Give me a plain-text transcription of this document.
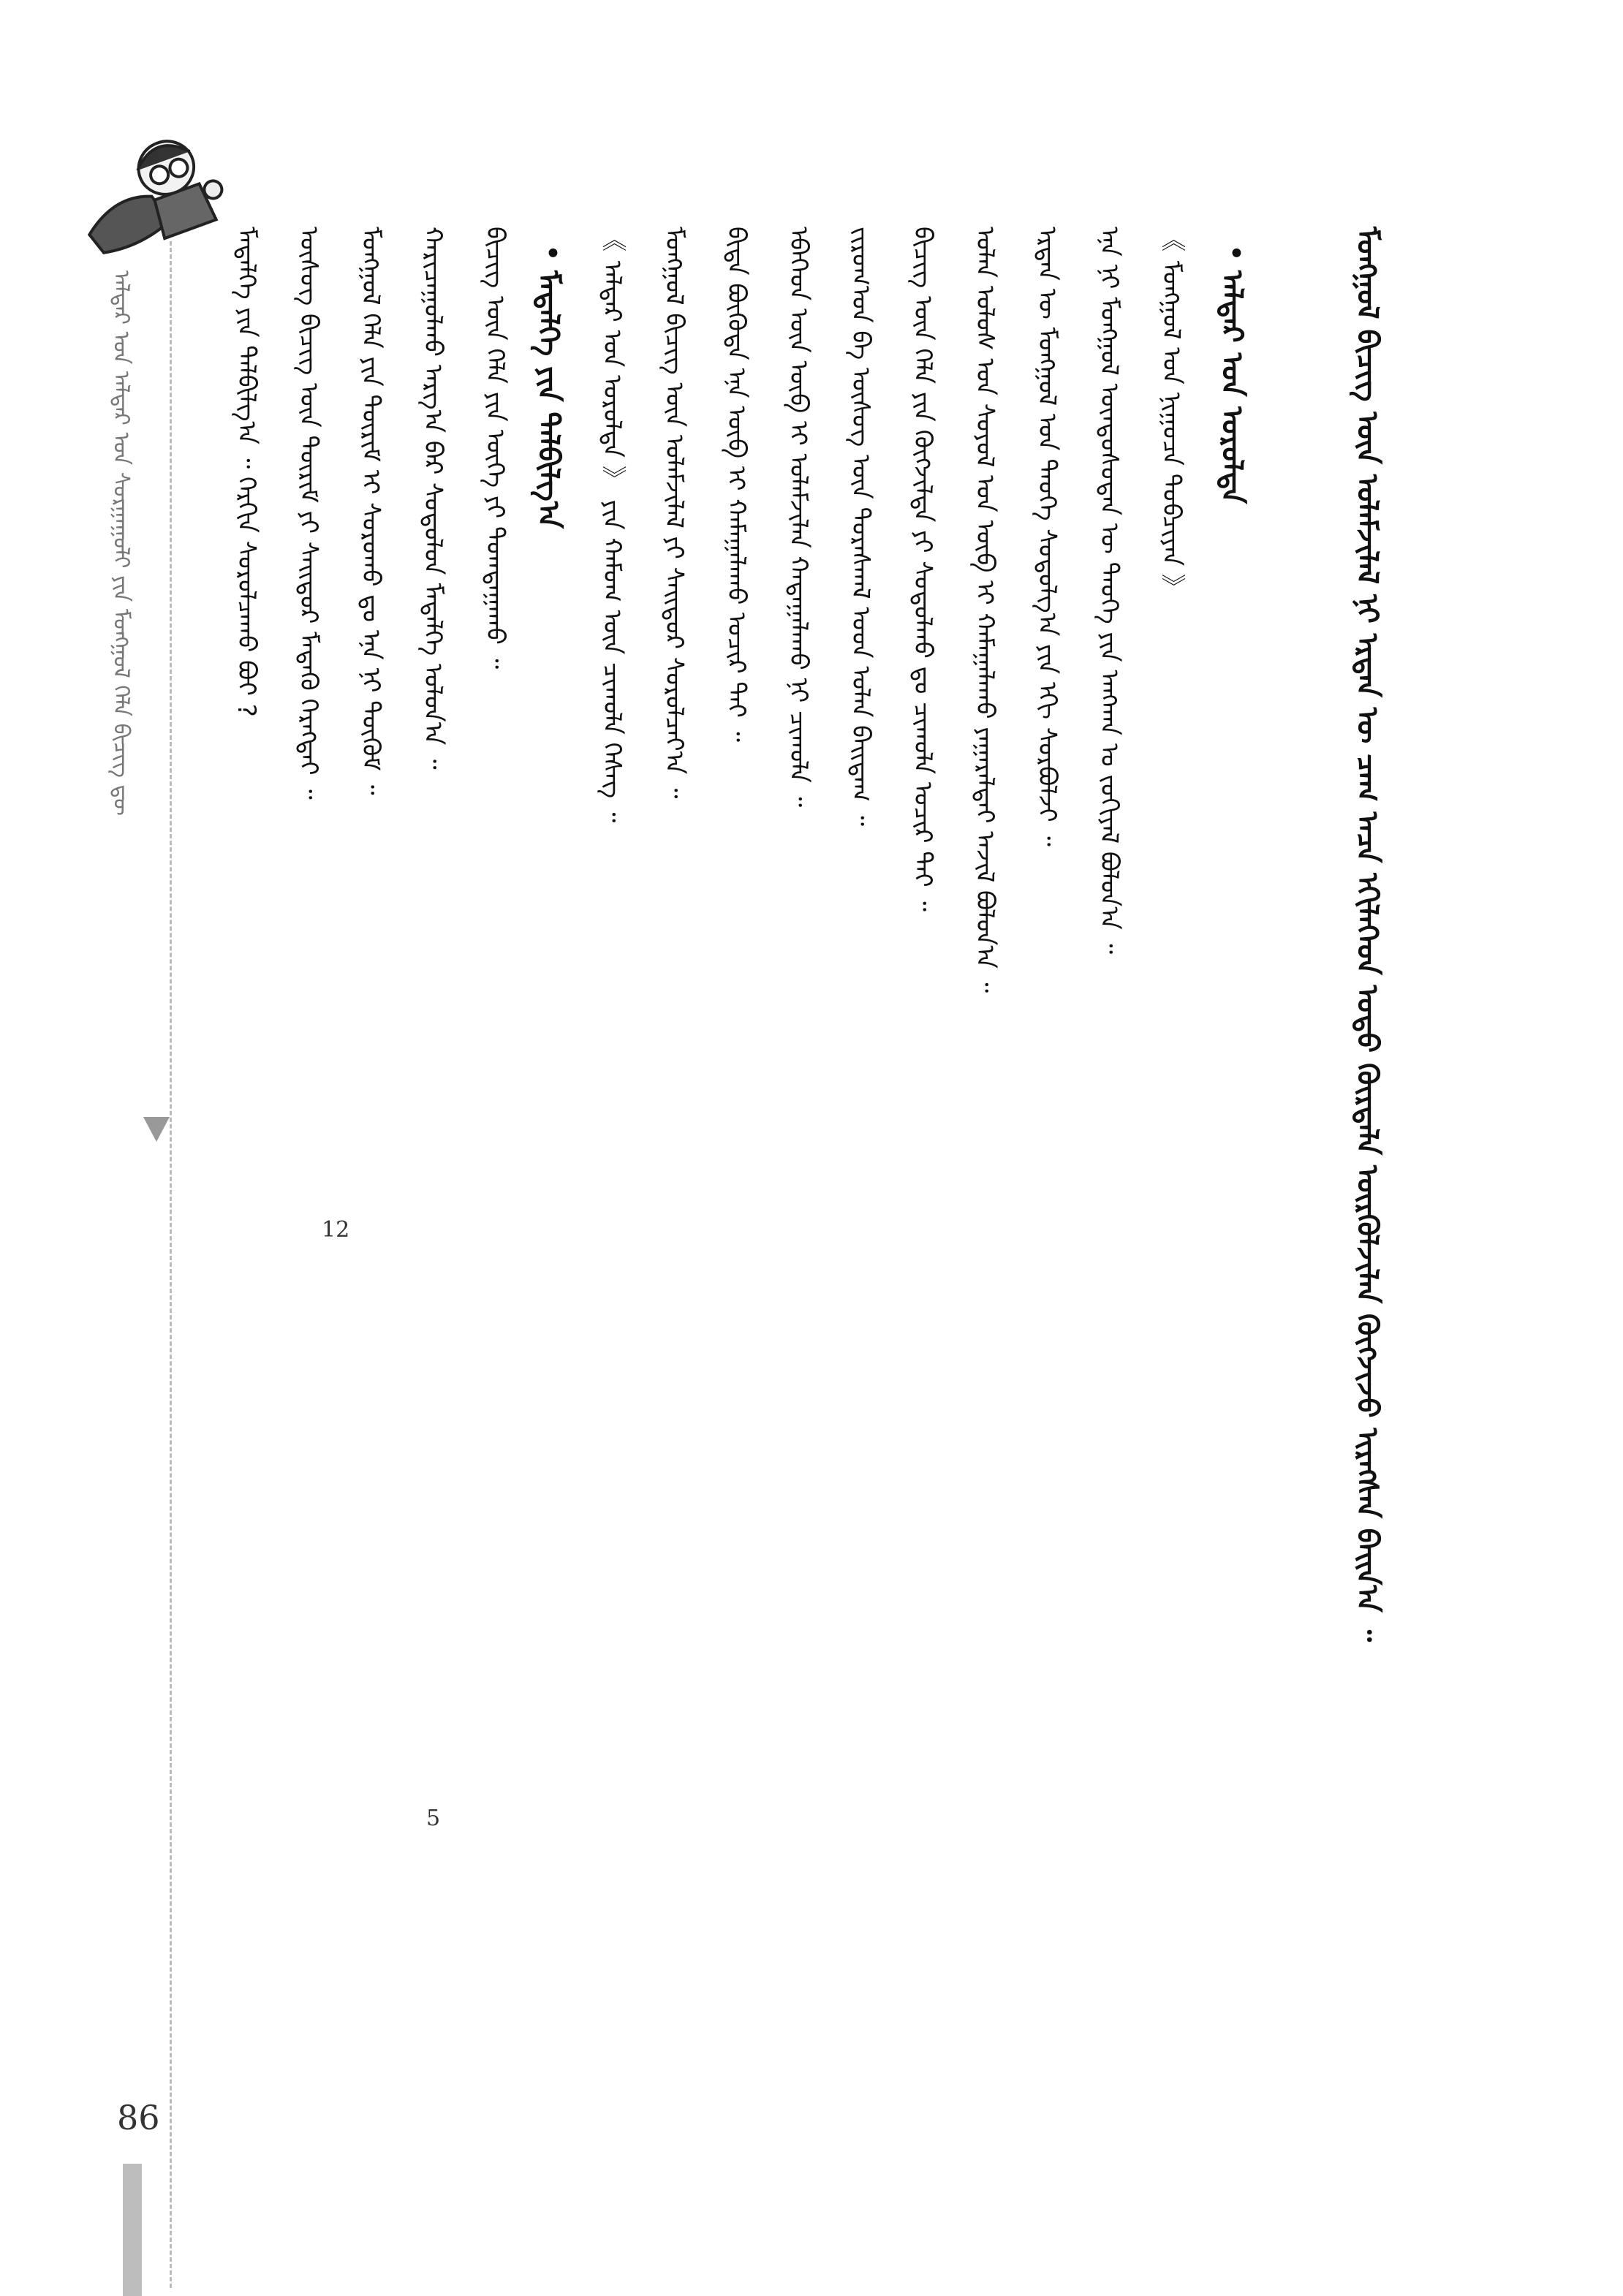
ᠠᠯᠳᠠᠷ ᠤᠨ ᠠᠯᠳᠠᠷ ᠤᠨ ᠰᠤᠷᠭᠠᠭᠤᠯᠢ ᠶᠢᠨ ᠮᠣᠩᠭᠣᠯ ᠬᠡᠯᠡ ᠪᠢᠴᠢᠭ ᠳᠦ	ᠮᠡᠳᠡᠯᠭᠡ ᠶᠢᠨ ᠲᠠᠯᠪᠢᠯᠭ᠎ᠠ ᠃ ᠬᠡᠷᠬᠢᠨ ᠰᠤᠷᠤᠯᠴᠠᠬᠤ ᠪᠤᠢ ? ᠦᠰᠦᠭ ᠪᠢᠴᠢᠭ ᠦᠨ ᠳᠦᠷᠢᠮ ᠶᠢ ᠰᠠᠢᠲᠤᠷ ᠮᠡᠳᠡᠬᠦ ᠬᠡᠷᠡᠭᠲᠡᠢ ᠃ ᠮᠣᠩᠭᠣᠯ ᠬᠡᠯᠡ ᠶᠢᠨ ᠳᠦᠷᠢᠮ ᠢ ᠰᠤᠷᠤᠬᠤ ᠳᠤ ᠡᠨᠡ ᠨᠢ ᠳᠥᠭᠥᠮ ᠃ ᠬᠠᠷᠢᠴᠠᠭᠤᠯᠬᠤ ᠠᠷᠭ᠎ᠠ ᠪᠠᠷ ᠰᠤᠳᠤᠯᠤᠨ ᠮᠡᠳᠡᠯᠭᠡ ᠣᠯᠤᠨ᠎ᠠ ᠃ ᠪᠢᠴᠢᠭ᠌ ᠦᠨ ᠬᠡᠯᠡ ᠶᠢᠨ ᠦᠭᠡ ᠶᠢ ᠲᠣᠭᠲᠠᠭᠠᠬᠤ ᠃
5
12
•
ᠮᠡᠳᠡᠯᠭᠡ ᠶᠢᠨ ᠲᠠᠯᠪᠢᠯᠭ᠎ᠠ 《 ᠠᠯᠳᠠᠷ ᠤᠨ ᠤᠷᠤᠯᠲᠠ 》 ᠶᠢᠨ ᠬᠠᠮᠤᠭ ᠦᠨ ᠴᠢᠬᠤᠯᠠ ᠬᠡᠰᠡᠭ ᠃ ᠮᠣᠩᠭᠣᠯ ᠪᠢᠴᠢᠭ ᠦᠨ ᠤᠯᠠᠮᠵᠢᠯᠠᠯ ᠶᠢ ᠰᠠᠢᠲᠤᠷ ᠰᠤᠷᠤᠯᠴᠠᠶ᠎ᠠ ᠃ ᠪᠢᠳᠡ ᠪᠦᠭᠦᠳᠡ ᠡᠨᠡ ᠦᠪ ᠢ ᠬᠠᠮᠠᠭᠠᠯᠠᠬᠤ ᠤᠴᠢᠷ ᠲᠠᠢ ᠃ ᠡᠪᠡᠭᠡᠳ ᠦᠨ ᠥᠪ ᠢ ᠤᠯᠠᠮᠵᠢᠯᠠᠨ ᠬᠠᠳᠠᠭᠠᠯᠠᠬᠤ ᠨᠢ ᠴᠢᠬᠤᠯᠠ ᠃ ᠵᠢᠷᠤᠭ᠎ᠤᠨ ᠪᠠ ᠦᠰᠦᠭ ᠦᠨ ᠳᠤᠷᠠᠰᠬᠠᠯ ᠤᠳ ᠣᠯᠠᠨ ᠪᠠᠢᠳᠠᠭ ᠃ ᠪᠢᠴᠢᠭ᠌ ᠦᠨ ᠬᠡᠯᠡ ᠶᠢᠨ ᠬᠥᠭᠵᠢᠯᠲᠡ ᠶᠢ ᠰᠤᠳᠤᠯᠬᠤ ᠳᠤ ᠴᠢᠬᠤᠯᠠ ᠤᠴᠢᠷ ᠲᠠᠢ ᠃ ᠣᠯᠠᠨ ᠤᠯᠤᠰ ᠤᠨ ᠰᠣᠶᠣᠯ ᠤᠨ ᠥᠪ ᠢ ᠬᠠᠮᠠᠭᠠᠯᠠᠬᠤ ᠶᠠᠭᠠᠷᠠᠯᠲᠠᠢ ᠠᠵᠢᠯ ᠪᠣᠯᠤᠨ᠎ᠠ ᠃ ᠡᠷᠲᠡᠨ ᠦ ᠮᠣᠩᠭᠣᠯ ᠤᠨ ᠲᠡᠦᠬᠡ ᠰᠤᠳᠤᠯᠭ᠎ᠠ ᠶᠢᠨ ᠡᠬᠢ ᠰᠤᠷᠪᠤᠯᠵᠢ ᠃ ᠡᠨᠡ ᠨᠢ ᠮᠣᠩᠭᠣᠯ ᠦᠨᠳᠦᠰᠦᠲᠡᠨ ᠦ ᠲᠡᠦᠬᠡ ᠶᠢᠨ ᠠᠩᠬᠠᠨ ᠤ ᠵᠣᠬᠢᠶᠠᠯ ᠪᠣᠯᠤᠨ᠎ᠠ ᠃ 《 ᠮᠣᠩᠭᠣᠯ ᠤᠨ ᠨᠢᠭᠤᠴᠠ ᠲᠣᠪᠴᠢᠶᠠᠨ 》 •
ᠠᠯᠳᠠᠷ ᠤᠨ ᠤᠷᠤᠯᠲᠠ	ᠮᠣᠩᠭᠣᠯ ᠪᠢᠴᠢᠭ ᠦᠨ ᠤᠯᠠᠮᠵᠢᠯᠠᠯ ᠨᠢ ᠡᠷᠲᠡᠨ ᠦ ᠴᠠᠭ ᠠᠴᠠ ᠡᠬᠢᠯᠡᠭᠡᠳ ᠣᠳᠣ ᠬᠦᠷᠲᠡᠯᠡ ᠦᠷᠭᠦᠯᠵᠢᠯᠡᠨ ᠬᠥᠭᠵᠢᠵᠦ ᠢᠷᠡᠭᠰᠡᠨ ᠪᠠᠢᠨ᠎ᠠ ᠃
86
